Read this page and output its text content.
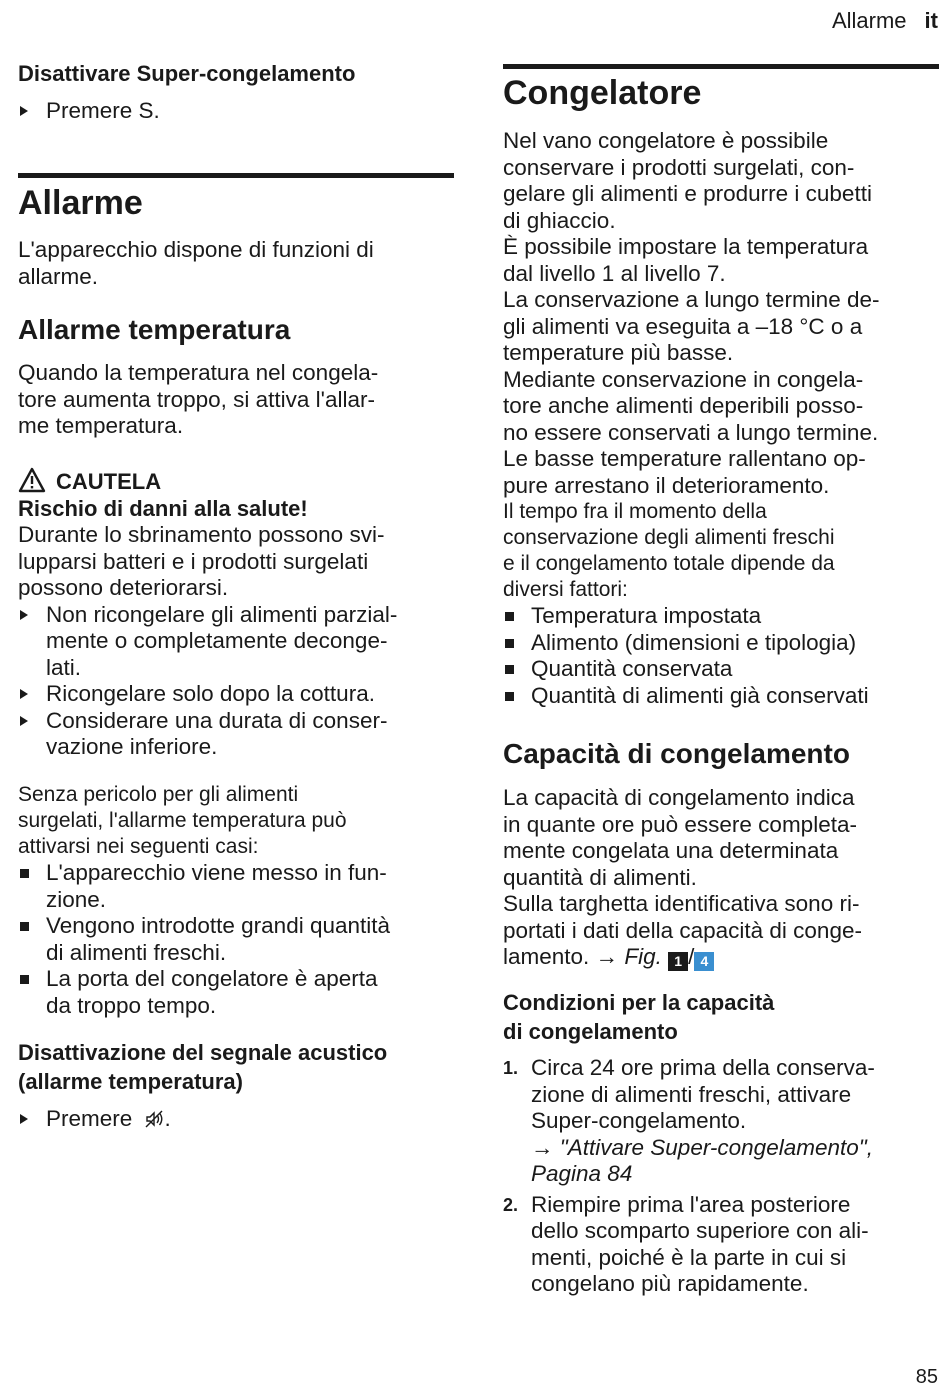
Allarme it

Disattivare Super-congelamento

Premere S.

Allarme

L'apparecchio dispone di funzioni di

allarme.

Allarme temperatura

Quando la temperatura nel congela-

tore aumenta troppo, si attiva l'allar-

me temperatura.

CAUTELA

Rischio di danni alla salute!

Durante lo sbrinamento possono svi-

lupparsi batteri e i prodotti surgelati

possono deteriorarsi.

Non ricongelare gli alimenti parzial-
mente o completamente deconge-
lati.
Ricongelare solo dopo la cottura.
Considerare una durata di conser-
vazione inferiore.

Senza pericolo per gli alimenti

surgelati, l'allarme temperatura può

attivarsi nei seguenti casi:

L'apparecchio viene messo in fun-
zione.
Vengono introdotte grandi quantità
di alimenti freschi.
La porta del congelatore è aperta
da troppo tempo.

Disattivazione del segnale acustico

(allarme temperatura)

Premere .

Congelatore

Nel vano congelatore è possibile

conservare i prodotti surgelati, con-

gelare gli alimenti e produrre i cubetti

di ghiaccio.

È possibile impostare la temperatura

dal livello 1 al livello 7.

La conservazione a lungo termine de-

gli alimenti va eseguita a –18 °C o a

temperature più basse.

Mediante conservazione in congela-

tore anche alimenti deperibili posso-

no essere conservati a lungo termine.

Le basse temperature rallentano op-

pure arrestano il deterioramento.

Il tempo fra il momento della

conservazione degli alimenti freschi

e il congelamento totale dipende da

diversi fattori:

Temperatura impostata
Alimento (dimensioni e tipologia)
Quantità conservata
Quantità di alimenti già conservati

Capacità di congelamento

La capacità di congelamento indica

in quante ore può essere completa-

mente congelata una determinata

quantità di alimenti.

Sulla targhetta identificativa sono ri-

portati i dati della capacità di conge-

lamento. → Fig. 1 / 4

Condizioni per la capacità

di congelamento

1. Circa 24 ore prima della conserva-
zione di alimenti freschi, attivare
Super-congelamento.
→ "Attivare Super-congelamento",
Pagina 84
2. Riempire prima l'area posteriore
dello scomparto superiore con ali-
menti, poiché è la parte in cui si
congelano più rapidamente.
85
